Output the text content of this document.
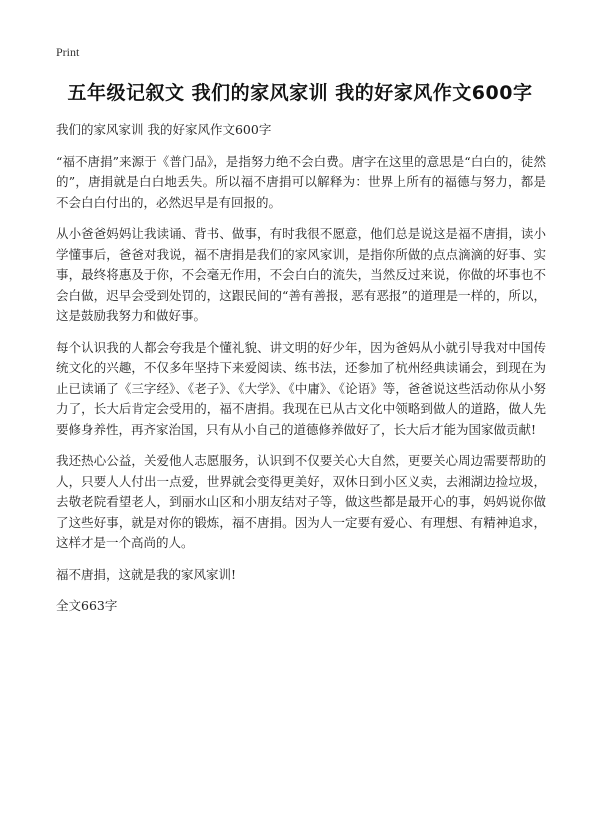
Print
五年级记叙文 我们的家风家训 我的好家风作文600字

我们的家风家训 我的好家风作文600字

“福不唐捐”来源于《普门品》，是指努力绝不会白费。唐字在这里的意思是“白白的，徒然的”，唐捐就是白白地丢失。所以福不唐捐可以解释为：世界上所有的福德与努力，都是不会白白付出的，必然迟早是有回报的。

从小爸爸妈妈让我读诵、背书、做事，有时我很不愿意，他们总是说这是福不唐捐，读小学懂事后，爸爸对我说，福不唐捐是我们的家风家训，是指你所做的点点滴滴的好事、实事，最终将惠及于你，不会毫无作用，不会白白的流失，当然反过来说，你做的坏事也不会白做，迟早会受到处罚的，这跟民间的“善有善报，恶有恶报”的道理是一样的，所以，这是鼓励我努力和做好事。

每个认识我的人都会夸我是个懂礼貌、讲文明的好少年，因为爸妈从小就引导我对中国传统文化的兴趣，不仅多年坚持下来爱阅读、练书法，还参加了杭州经典读诵会，到现在为止已读诵了《三字经》、《老子》、《大学》、《中庸》、《论语》等，爸爸说这些活动你从小努力了，长大后肯定会受用的，福不唐捐。我现在已从古文化中领略到做人的道路，做人先要修身养性，再齐家治国，只有从小自己的道德修养做好了，长大后才能为国家做贡献!

我还热心公益，关爱他人志愿服务，认识到不仅要关心大自然，更要关心周边需要帮助的人，只要人人付出一点爱，世界就会变得更美好，双休日到小区义卖，去湘湖边捡垃圾，去敬老院看望老人，到丽水山区和小朋友结对子等，做这些都是最开心的事，妈妈说你做了这些好事，就是对你的锻炼，福不唐捐。因为人一定要有爱心、有理想、有精神追求，这样才是一个高尚的人。

福不唐捐，这就是我的家风家训!

全文663字
